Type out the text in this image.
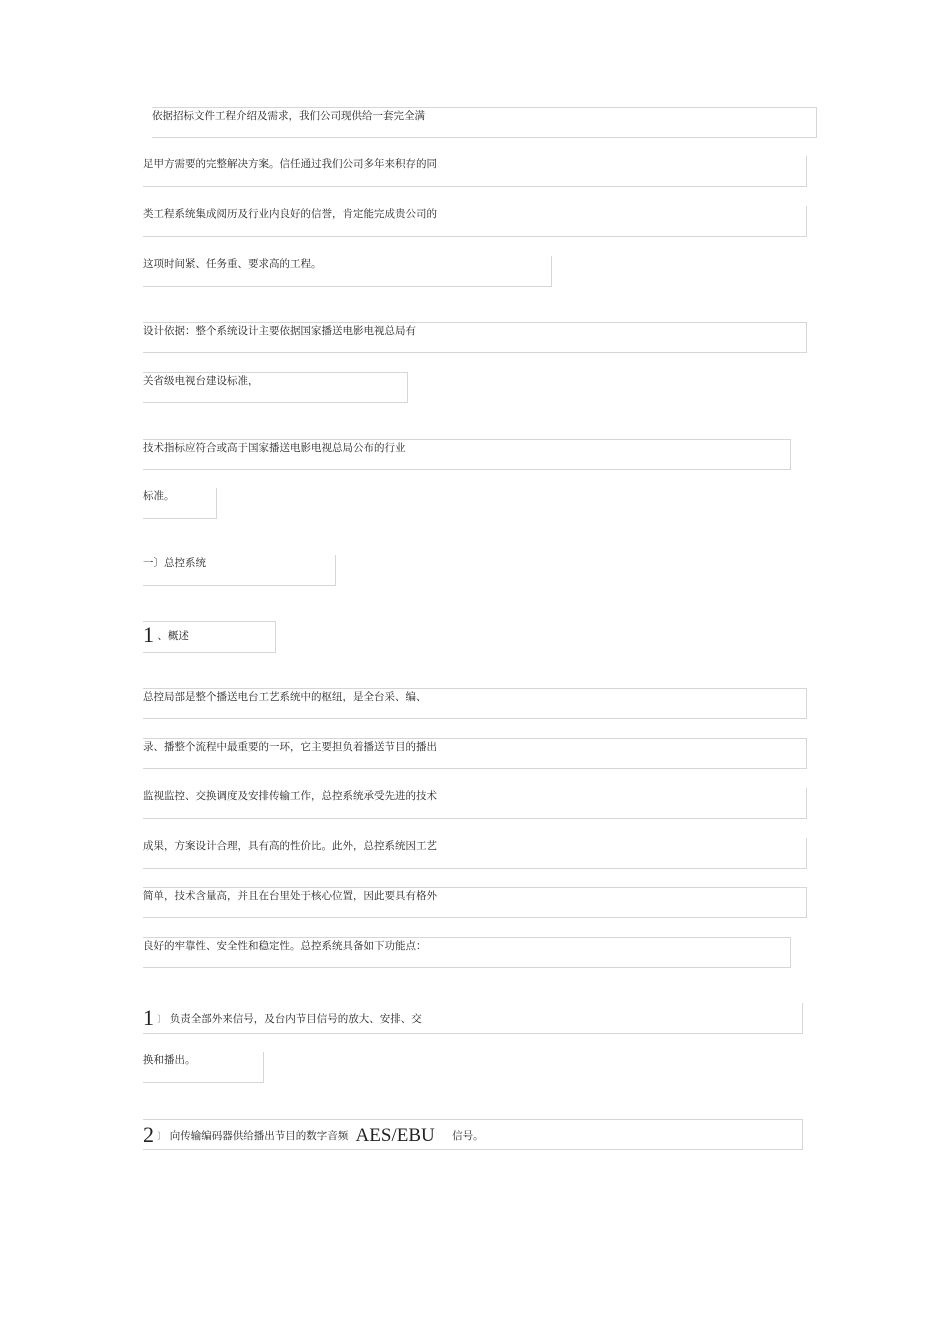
依据招标文件工程介绍及需求，我们公司现供给一套完全满
足甲方需要的完整解决方案。信任通过我们公司多年来积存的同
类工程系统集成阅历及行业内良好的信誉，肯定能完成贵公司的
这项时间紧、任务重、要求高的工程。
设计依据：整个系统设计主要依据国家播送电影电视总局有
关省级电视台建设标准，
技术指标应符合或高于国家播送电影电视总局公布的行业
标准。
一〕总控系统
1 、概述
总控局部是整个播送电台工艺系统中的枢纽，是全台采、编、
录、播整个流程中最重要的一环，它主要担负着播送节目的播出
监视监控、交换调度及安排传输工作，总控系统承受先进的技术
成果，方案设计合理，具有高的性价比。此外，总控系统因工艺
简单，技术含量高，并且在台里处于核心位置，因此要具有格外
良好的牢靠性、安全性和稳定性。总控系统具备如下功能点：
1 〕 负责全部外来信号，及台内节目信号的放大、安排、交
换和播出。
2 〕 向传输编码器供给播出节目的数字音频 AES/EBU 信号。
